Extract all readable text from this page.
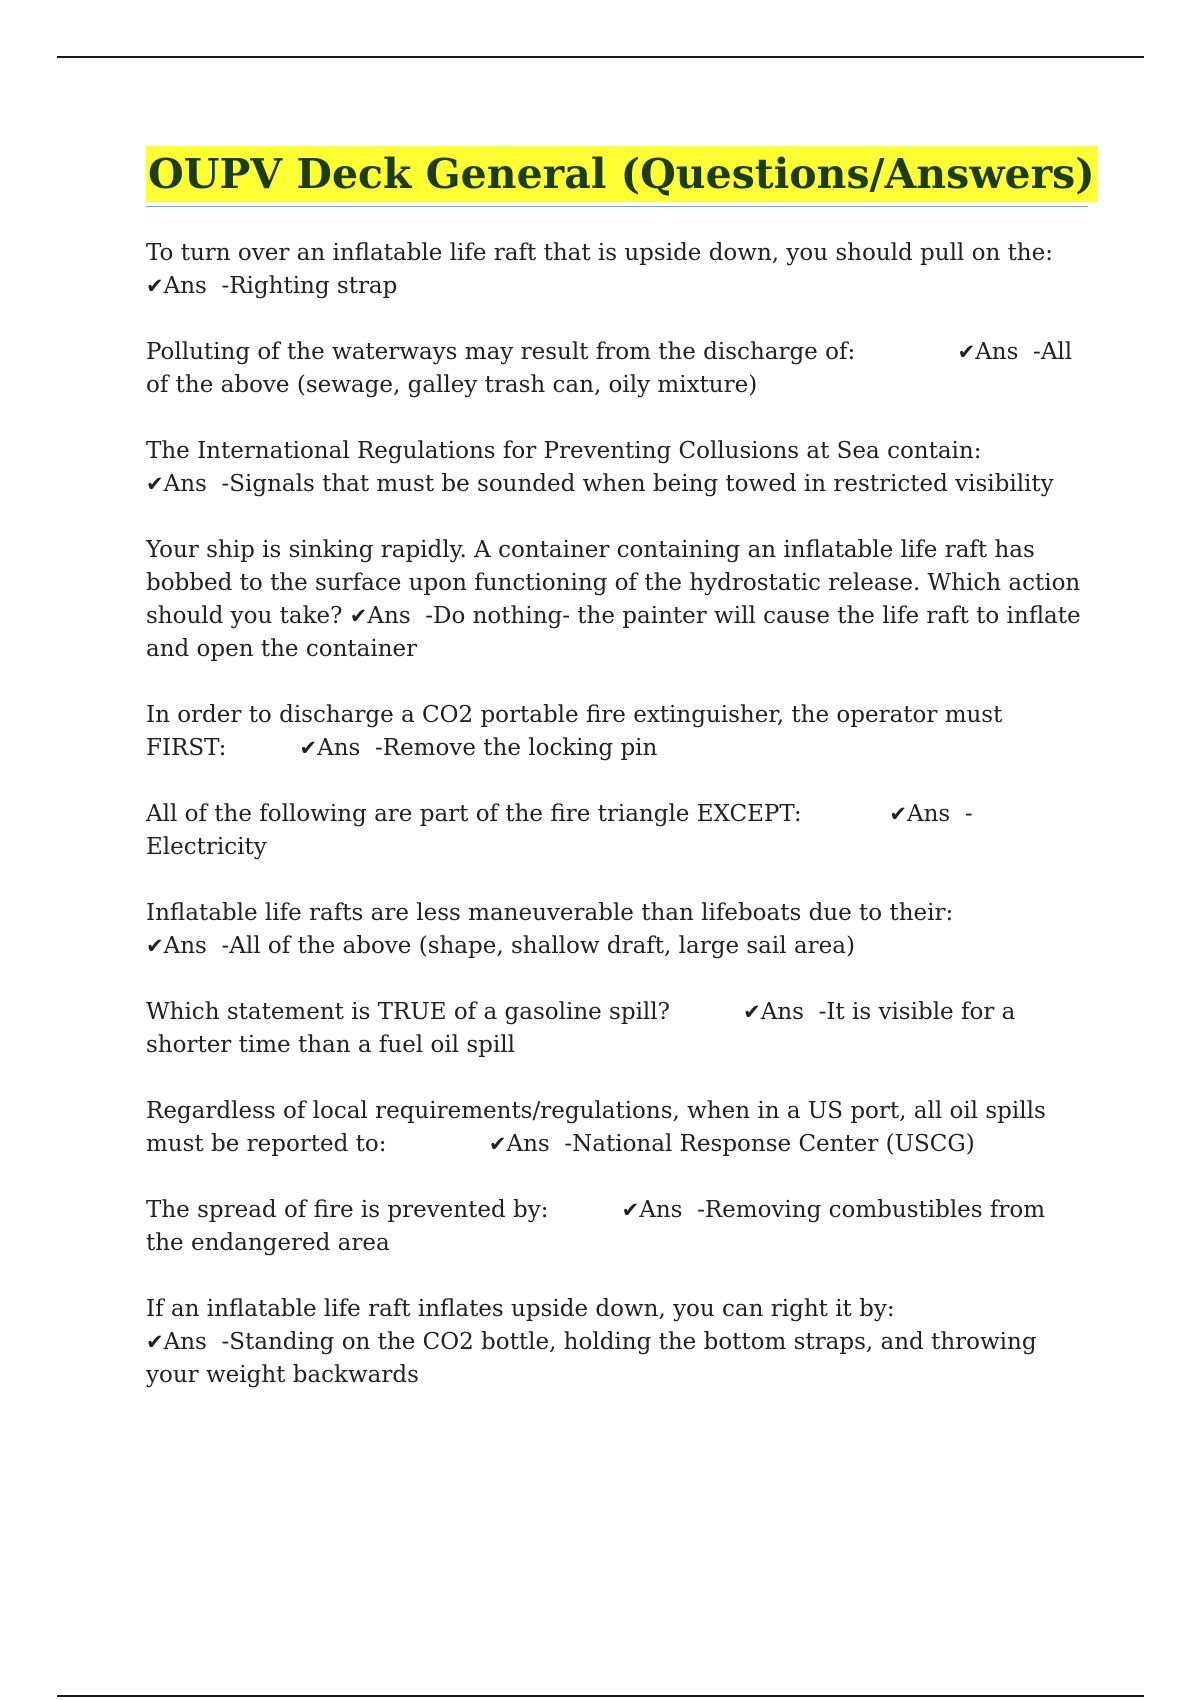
OUPV Deck General (Questions/Answers)

To turn over an inflatable life raft that is upside down, you should pull on the:
✔Ans -Righting strap

Polluting of the waterways may result from the discharge of:	✔Ans -All of the above (sewage, galley trash can, oily mixture)

The International Regulations for Preventing Collusions at Sea contain:
✔Ans -Signals that must be sounded when being towed in restricted visibility

Your ship is sinking rapidly. A container containing an inflatable life raft has bobbed to the surface upon functioning of the hydrostatic release. Which action should you take? ✔Ans -Do nothing- the painter will cause the life raft to inflate and open the container

In order to discharge a CO2 portable fire extinguisher, the operator must FIRST:	✔Ans -Remove the locking pin

All of the following are part of the fire triangle EXCEPT:	✔Ans -Electricity

Inflatable life rafts are less maneuverable than lifeboats due to their:
✔Ans -All of the above (shape, shallow draft, large sail area)

Which statement is TRUE of a gasoline spill?	✔Ans -It is visible for a shorter time than a fuel oil spill

Regardless of local requirements/regulations, when in a US port, all oil spills must be reported to:	✔Ans -National Response Center (USCG)

The spread of fire is prevented by:	✔Ans -Removing combustibles from the endangered area

If an inflatable life raft inflates upside down, you can right it by:
✔Ans -Standing on the CO2 bottle, holding the bottom straps, and throwing your weight backwards
